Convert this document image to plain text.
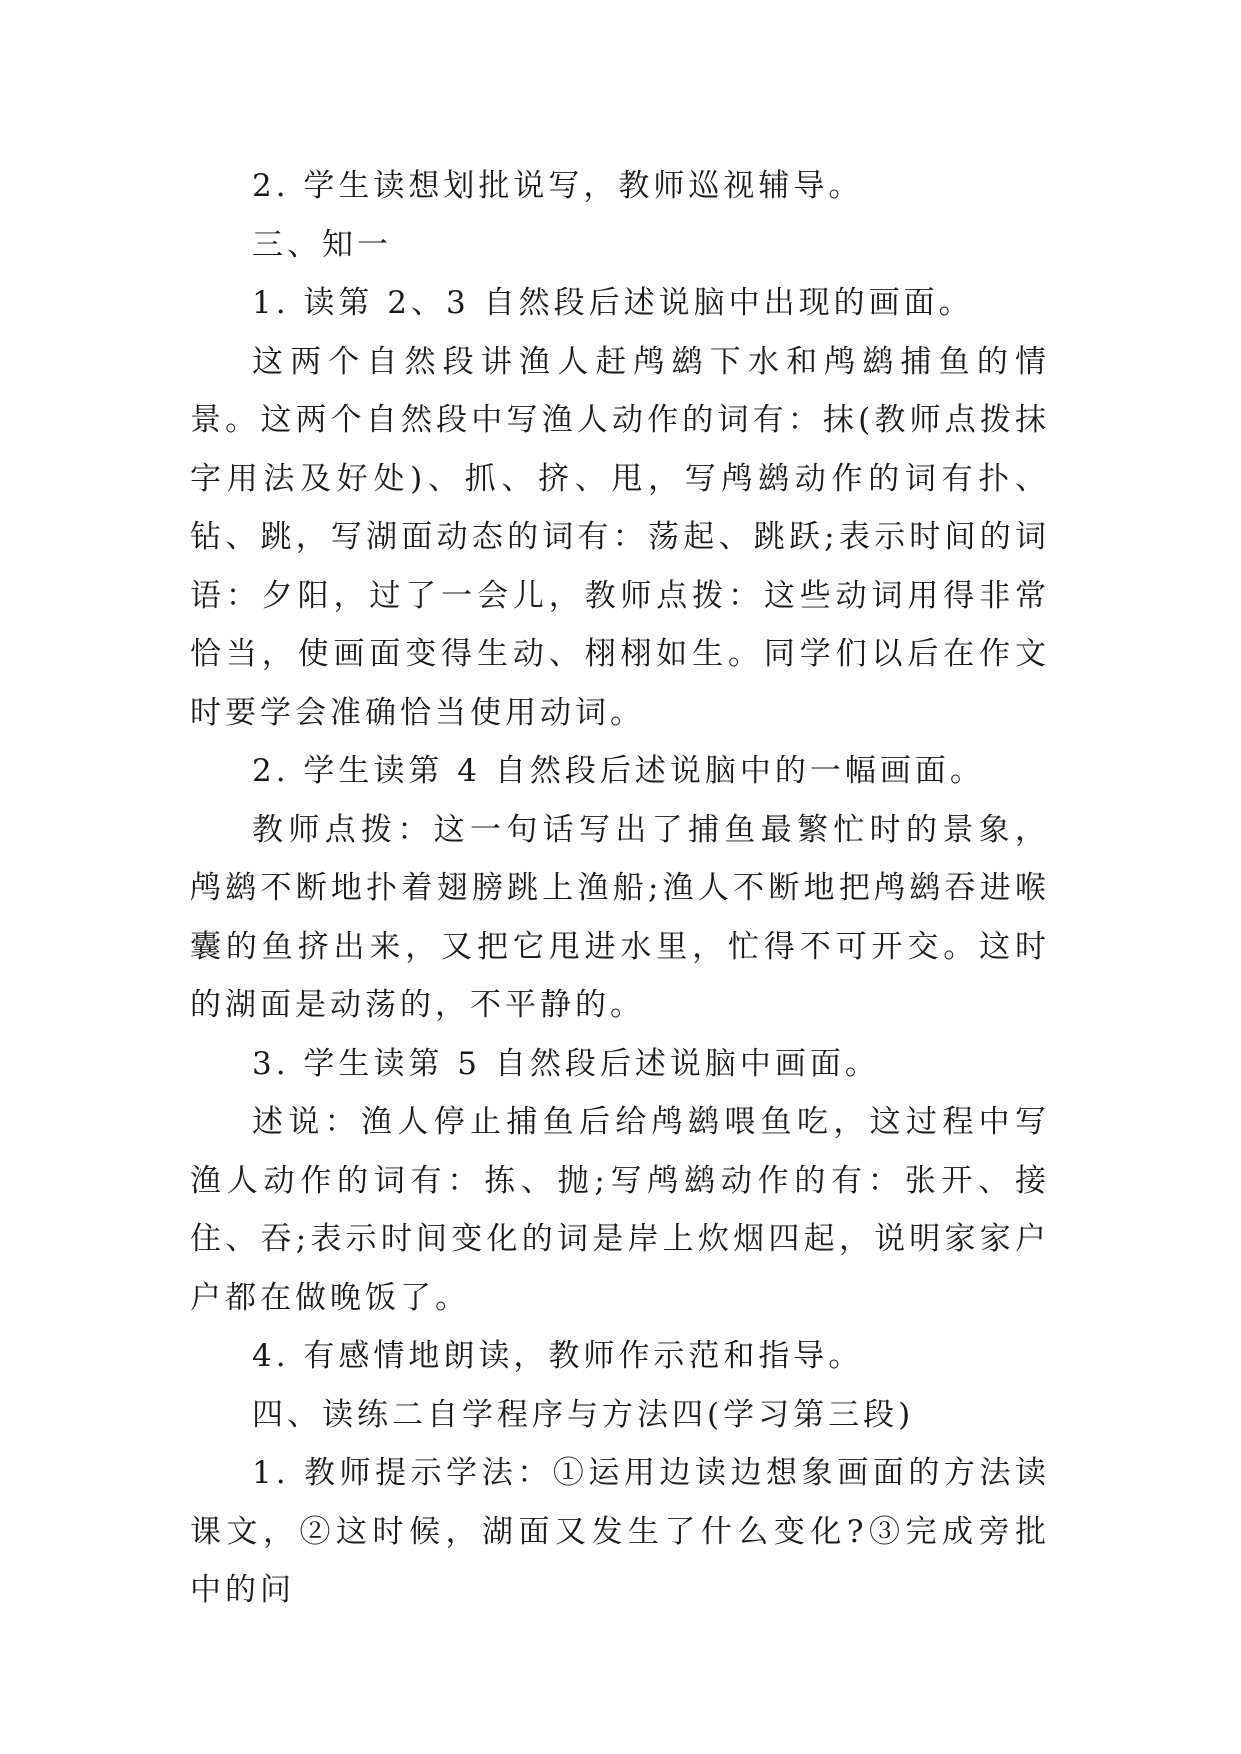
2. 学生读想划批说写，教师巡视辅导。

三、知一

1. 读第 2、3 自然段后述说脑中出现的画面。

这两个自然段讲渔人赶鸬鹚下水和鸬鹚捕鱼的情景。这两个自然段中写渔人动作的词有：抹(教师点拨抹字用法及好处)、抓、挤、甩，写鸬鹚动作的词有扑、钻、跳，写湖面动态的词有：荡起、跳跃;表示时间的词语：夕阳，过了一会儿，教师点拨：这些动词用得非常恰当，使画面变得生动、栩栩如生。同学们以后在作文时要学会准确恰当使用动词。

2. 学生读第 4 自然段后述说脑中的一幅画面。

教师点拨：这一句话写出了捕鱼最繁忙时的景象，鸬鹚不断地扑着翅膀跳上渔船;渔人不断地把鸬鹚吞进喉囊的鱼挤出来，又把它甩进水里，忙得不可开交。这时的湖面是动荡的，不平静的。

3. 学生读第 5 自然段后述说脑中画面。

述说：渔人停止捕鱼后给鸬鹚喂鱼吃，这过程中写渔人动作的词有：拣、抛;写鸬鹚动作的有：张开、接住、吞;表示时间变化的词是岸上炊烟四起，说明家家户户都在做晚饭了。

4. 有感情地朗读，教师作示范和指导。

四、读练二自学程序与方法四(学习第三段)

1. 教师提示学法：①运用边读边想象画面的方法读课文，②这时候，湖面又发生了什么变化?③完成旁批中的问
